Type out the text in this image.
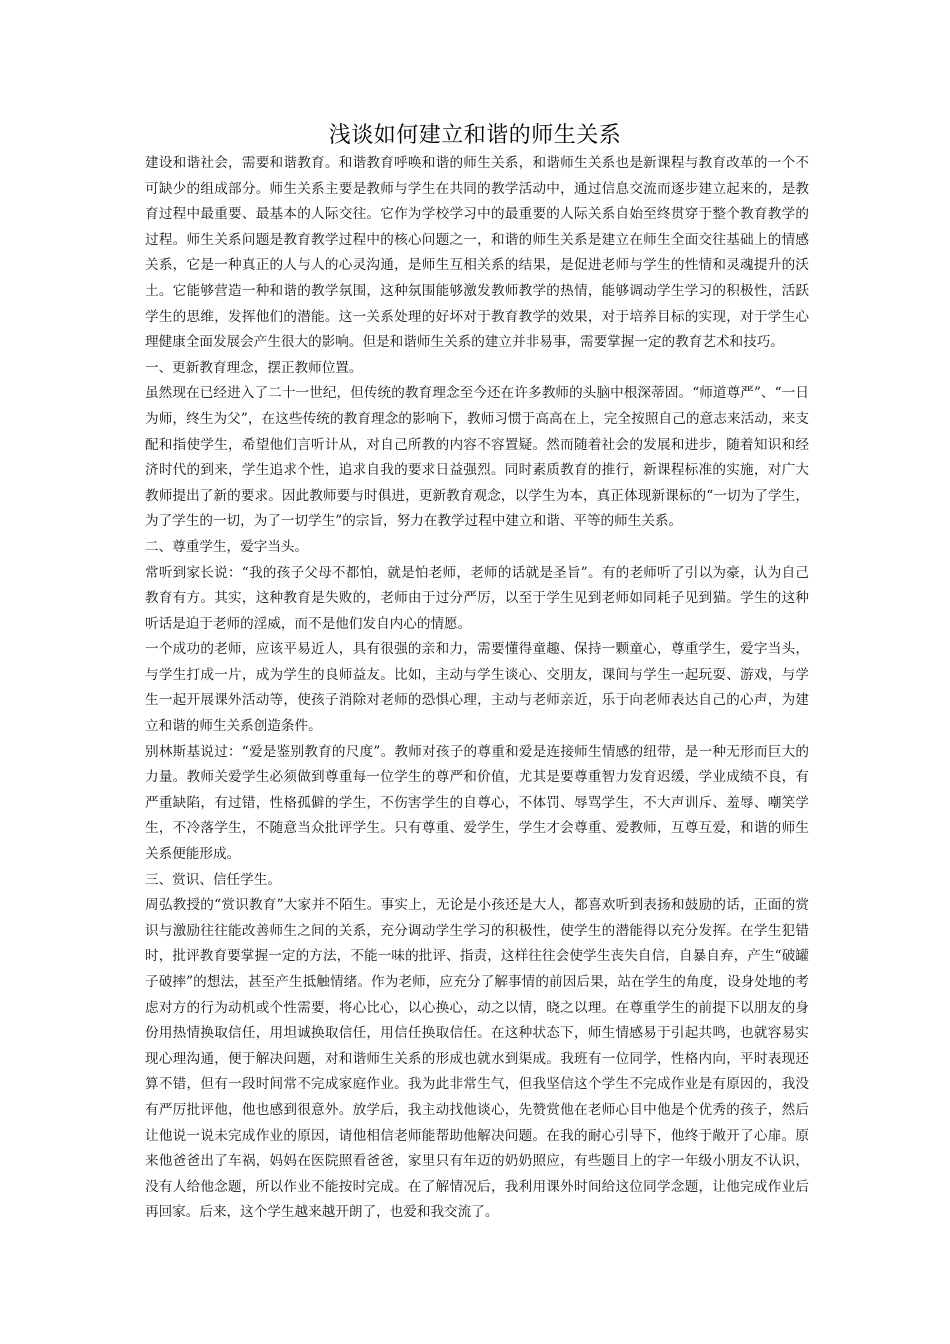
浅谈如何建立和谐的师生关系

建设和谐社会，需要和谐教育。和谐教育呼唤和谐的师生关系，和谐师生关系也是新课程与教育改革的一个不可缺少的组成部分。师生关系主要是教师与学生在共同的教学活动中，通过信息交流而逐步建立起来的，是教育过程中最重要、最基本的人际交往。它作为学校学习中的最重要的人际关系自始至终贯穿于整个教育教学的过程。师生关系问题是教育教学过程中的核心问题之一，和谐的师生关系是建立在师生全面交往基础上的情感关系，它是一种真正的人与人的心灵沟通，是师生互相关系的结果，是促进老师与学生的性情和灵魂提升的沃土。它能够营造一种和谐的教学氛围，这种氛围能够激发教师教学的热情，能够调动学生学习的积极性，活跃学生的思维，发挥他们的潜能。这一关系处理的好坏对于教育教学的效果，对于培养目标的实现，对于学生心理健康全面发展会产生很大的影响。但是和谐师生关系的建立并非易事，需要掌握一定的教育艺术和技巧。

一、更新教育理念，摆正教师位置。

虽然现在已经进入了二十一世纪，但传统的教育理念至今还在许多教师的头脑中根深蒂固。“师道尊严”、“一日为师，终生为父”，在这些传统的教育理念的影响下，教师习惯于高高在上，完全按照自己的意志来活动，来支配和指使学生，希望他们言听计从，对自己所教的内容不容置疑。然而随着社会的发展和进步，随着知识和经济时代的到来，学生追求个性，追求自我的要求日益强烈。同时素质教育的推行，新课程标准的实施，对广大教师提出了新的要求。因此教师要与时俱进，更新教育观念，以学生为本，真正体现新课标的“一切为了学生，为了学生的一切，为了一切学生”的宗旨，努力在教学过程中建立和谐、平等的师生关系。

二、尊重学生，爱字当头。

常听到家长说：“我的孩子父母不都怕，就是怕老师，老师的话就是圣旨”。有的老师听了引以为豪，认为自己教育有方。其实，这种教育是失败的，老师由于过分严厉，以至于学生见到老师如同耗子见到猫。学生的这种听话是迫于老师的淫威，而不是他们发自内心的情愿。

一个成功的老师，应该平易近人，具有很强的亲和力，需要懂得童趣、保持一颗童心，尊重学生，爱字当头，与学生打成一片，成为学生的良师益友。比如，主动与学生谈心、交朋友，课间与学生一起玩耍、游戏，与学生一起开展课外活动等，使孩子消除对老师的恐惧心理，主动与老师亲近，乐于向老师表达自己的心声，为建立和谐的师生关系创造条件。

别林斯基说过：“爱是鉴别教育的尺度”。教师对孩子的尊重和爱是连接师生情感的纽带，是一种无形而巨大的力量。教师关爱学生必须做到尊重每一位学生的尊严和价值，尤其是要尊重智力发育迟缓，学业成绩不良，有严重缺陷，有过错，性格孤僻的学生，不伤害学生的自尊心，不体罚、辱骂学生，不大声训斥、羞辱、嘲笑学生，不冷落学生，不随意当众批评学生。只有尊重、爱学生，学生才会尊重、爱教师，互尊互爱，和谐的师生关系便能形成。

三、赏识、信任学生。

周弘教授的“赏识教育”大家并不陌生。事实上，无论是小孩还是大人，都喜欢听到表扬和鼓励的话，正面的赏识与激励往往能改善师生之间的关系，充分调动学生学习的积极性，使学生的潜能得以充分发挥。在学生犯错时，批评教育要掌握一定的方法，不能一味的批评、指责，这样往往会使学生丧失自信，自暴自弃，产生“破罐子破摔”的想法，甚至产生抵触情绪。作为老师，应充分了解事情的前因后果，站在学生的角度，设身处地的考虑对方的行为动机或个性需要，将心比心，以心换心，动之以情，晓之以理。在尊重学生的前提下以朋友的身份用热情换取信任，用坦诚换取信任，用信任换取信任。在这种状态下，师生情感易于引起共鸣，也就容易实现心理沟通，便于解决问题，对和谐师生关系的形成也就水到渠成。我班有一位同学，性格内向，平时表现还算不错，但有一段时间常不完成家庭作业。我为此非常生气，但我坚信这个学生不完成作业是有原因的，我没有严厉批评他，他也感到很意外。放学后，我主动找他谈心，先赞赏他在老师心目中他是个优秀的孩子，然后让他说一说未完成作业的原因，请他相信老师能帮助他解决问题。在我的耐心引导下，他终于敞开了心扉。原来他爸爸出了车祸，妈妈在医院照看爸爸，家里只有年迈的奶奶照应，有些题目上的字一年级小朋友不认识，没有人给他念题，所以作业不能按时完成。在了解情况后，我利用课外时间给这位同学念题，让他完成作业后再回家。后来，这个学生越来越开朗了，也爱和我交流了。
